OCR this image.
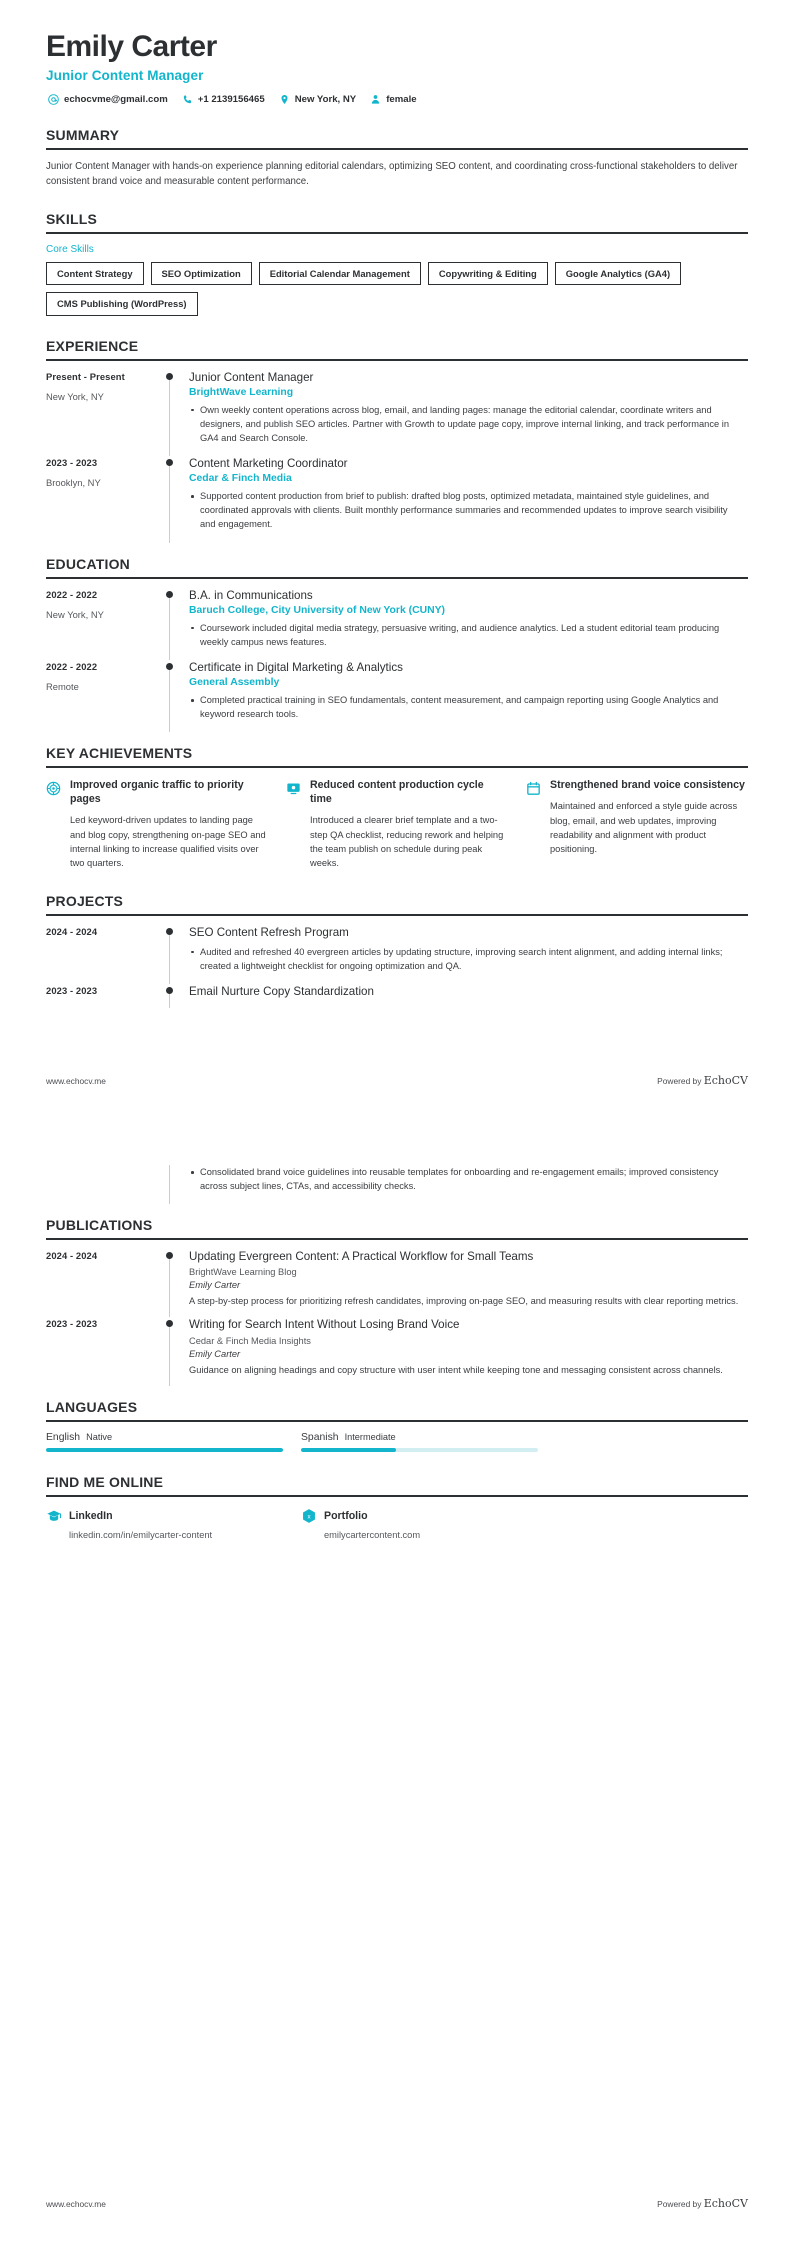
Emily Carter
Junior Content Manager
echocvme@gmail.com	+1 2139156465	New York, NY	female
SUMMARY

Junior Content Manager with hands-on experience planning editorial calendars, optimizing SEO content, and coordinating cross-functional stakeholders to deliver consistent brand voice and measurable content performance.

SKILLS
Core Skills
Content Strategy	SEO Optimization	Editorial Calendar Management	Copywriting & Editing	Google Analytics (GA4)
CMS Publishing (WordPress)
EXPERIENCE
Present - Present
New York, NY
Junior Content Manager
BrightWave Learning
Own weekly content operations across blog, email, and landing pages: manage the editorial calendar, coordinate writers and designers, and publish SEO articles. Partner with Growth to update page copy, improve internal linking, and track performance in GA4 and Search Console.
2023 - 2023
Brooklyn, NY
Content Marketing Coordinator
Cedar & Finch Media
Supported content production from brief to publish: drafted blog posts, optimized metadata, maintained style guidelines, and coordinated approvals with clients. Built monthly performance summaries and recommended updates to improve search visibility and engagement.
EDUCATION
2022 - 2022
New York, NY
B.A. in Communications
Baruch College, City University of New York (CUNY)
Coursework included digital media strategy, persuasive writing, and audience analytics. Led a student editorial team producing weekly campus news features.
2022 - 2022
Remote
Certificate in Digital Marketing & Analytics
General Assembly
Completed practical training in SEO fundamentals, content measurement, and campaign reporting using Google Analytics and keyword research tools.
KEY ACHIEVEMENTS
Improved organic traffic to priority pages
Led keyword-driven updates to landing page and blog copy, strengthening on-page SEO and internal linking to increase qualified visits over two quarters.
Reduced content production cycle time
Introduced a clearer brief template and a two-step QA checklist, reducing rework and helping the team publish on schedule during peak weeks.
Strengthened brand voice consistency
Maintained and enforced a style guide across blog, email, and web updates, improving readability and alignment with product positioning.
PROJECTS
2024 - 2024	SEO Content Refresh Program
Audited and refreshed 40 evergreen articles by updating structure, improving search intent alignment, and adding internal links; created a lightweight checklist for ongoing optimization and QA.
2023 - 2023	Email Nurture Copy Standardization
www.echocv.me	Powered by EchoCV
Consolidated brand voice guidelines into reusable templates for onboarding and re-engagement emails; improved consistency across subject lines, CTAs, and accessibility checks.
PUBLICATIONS
2024 - 2024	Updating Evergreen Content: A Practical Workflow for Small Teams
BrightWave Learning Blog
Emily Carter
A step-by-step process for prioritizing refresh candidates, improving on-page SEO, and measuring results with clear reporting metrics.
2023 - 2023	Writing for Search Intent Without Losing Brand Voice
Cedar & Finch Media Insights
Emily Carter
Guidance on aligning headings and copy structure with user intent while keeping tone and messaging consistent across channels.
LANGUAGES
English Native	Spanish Intermediate
FIND ME ONLINE
LinkedIn
linkedin.com/in/emilycarter-content
x Portfolio
emilycartercontent.com
www.echocv.me	Powered by EchoCV
